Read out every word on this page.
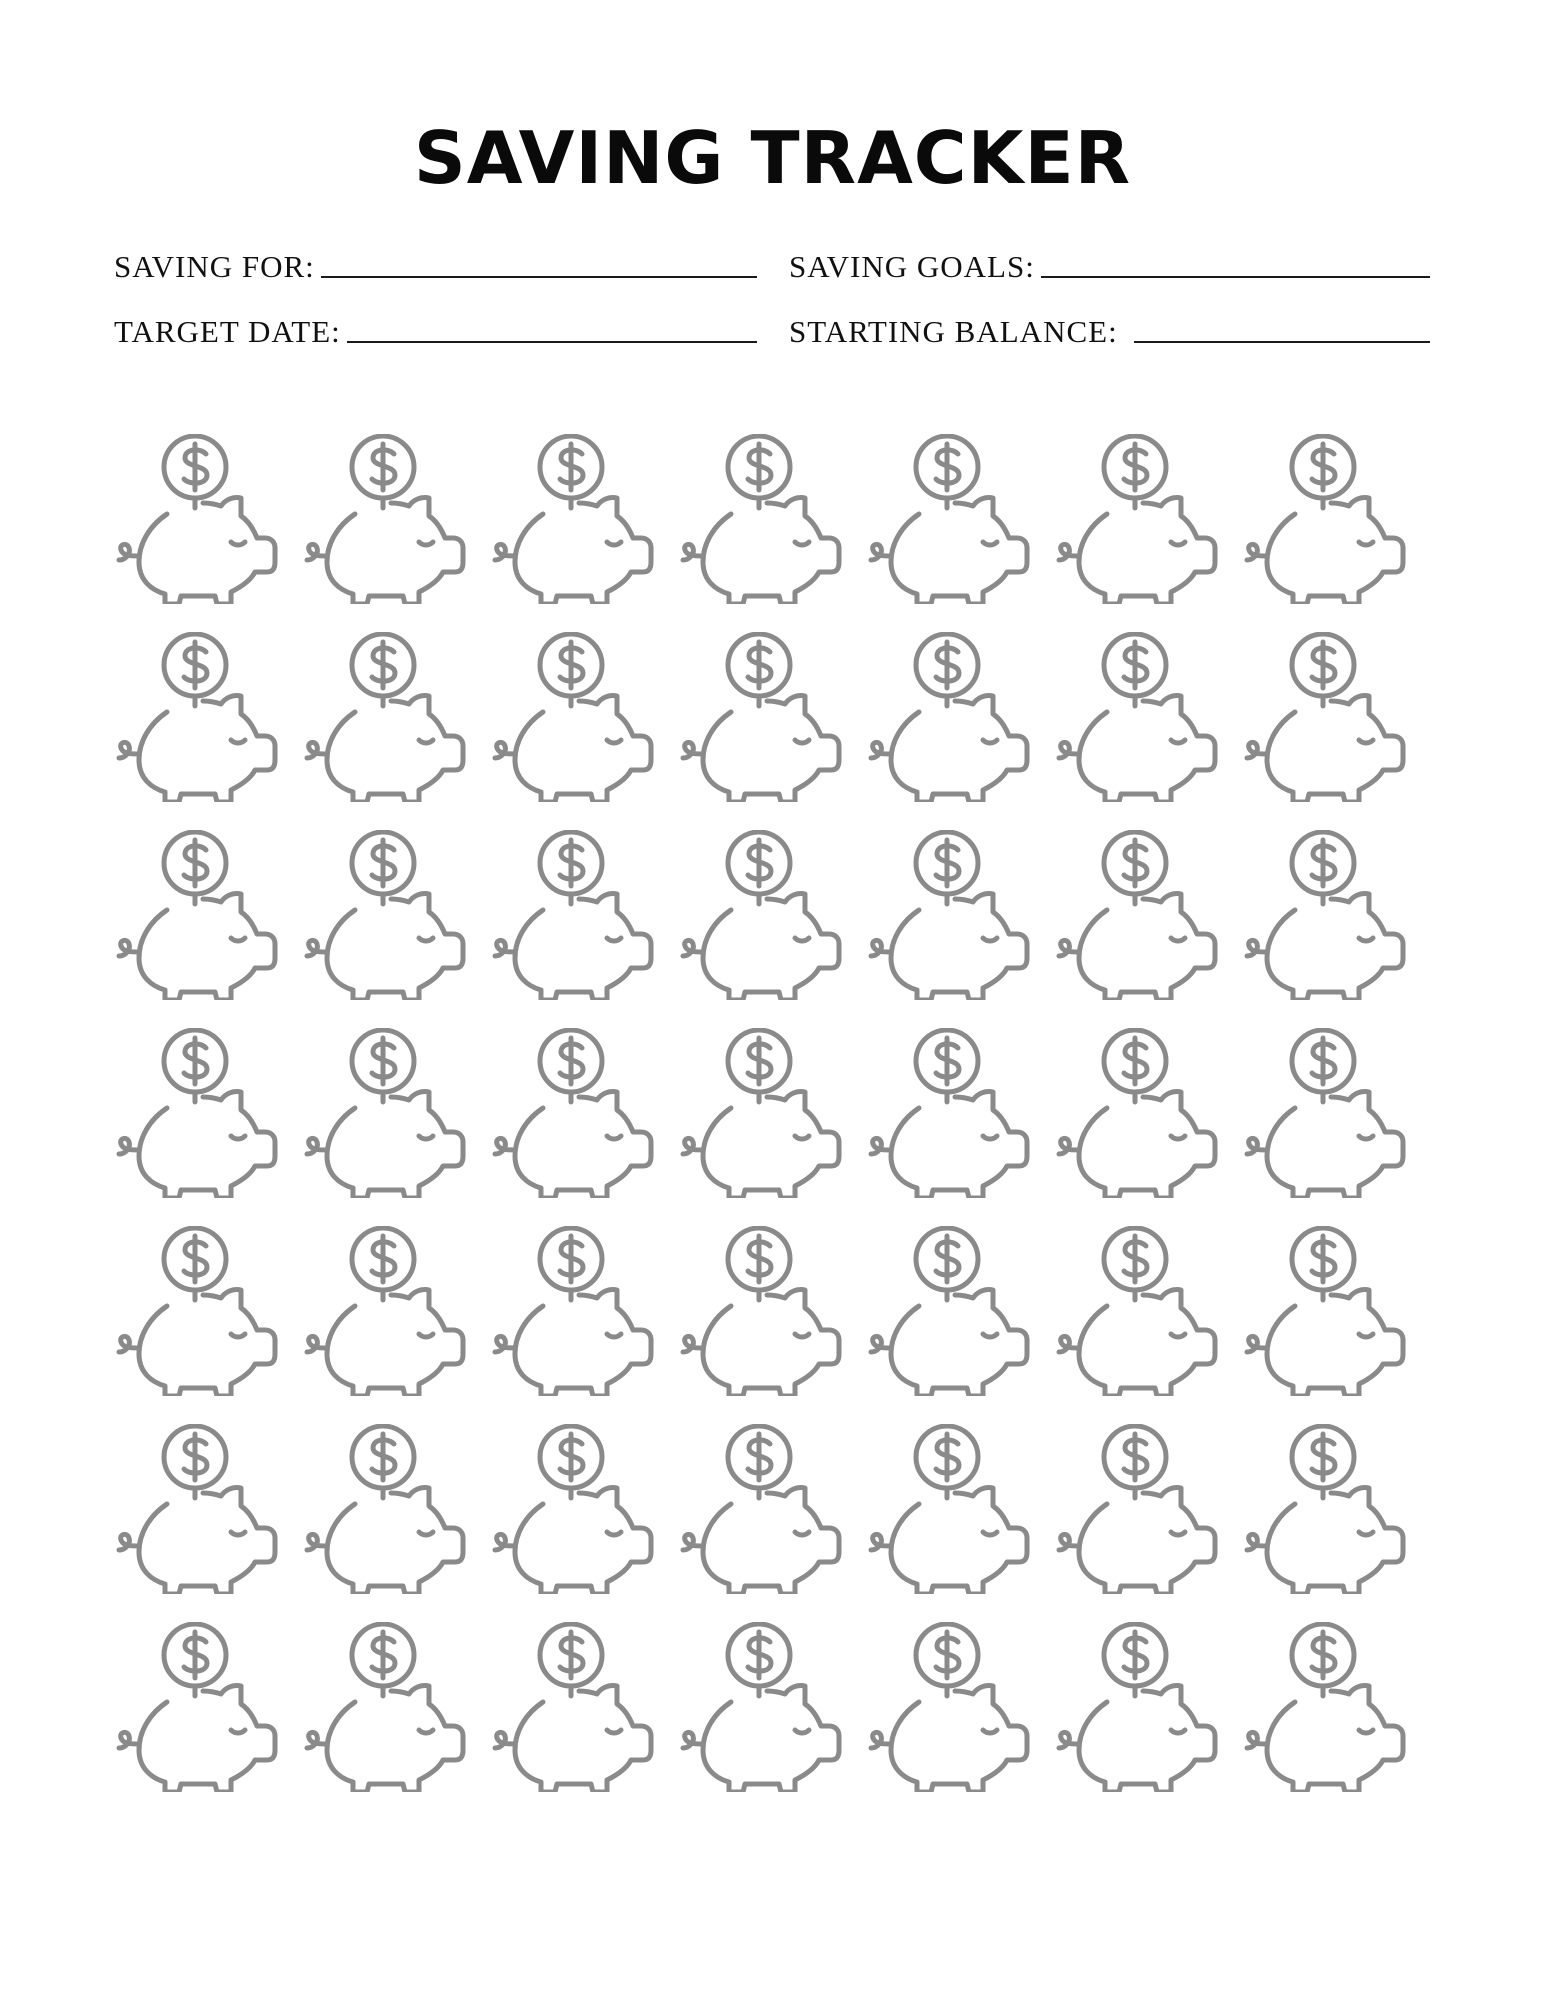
SAVING TRACKER
SAVING FOR:	SAVING GOALS:
TARGET DATE:	STARTING BALANCE:
